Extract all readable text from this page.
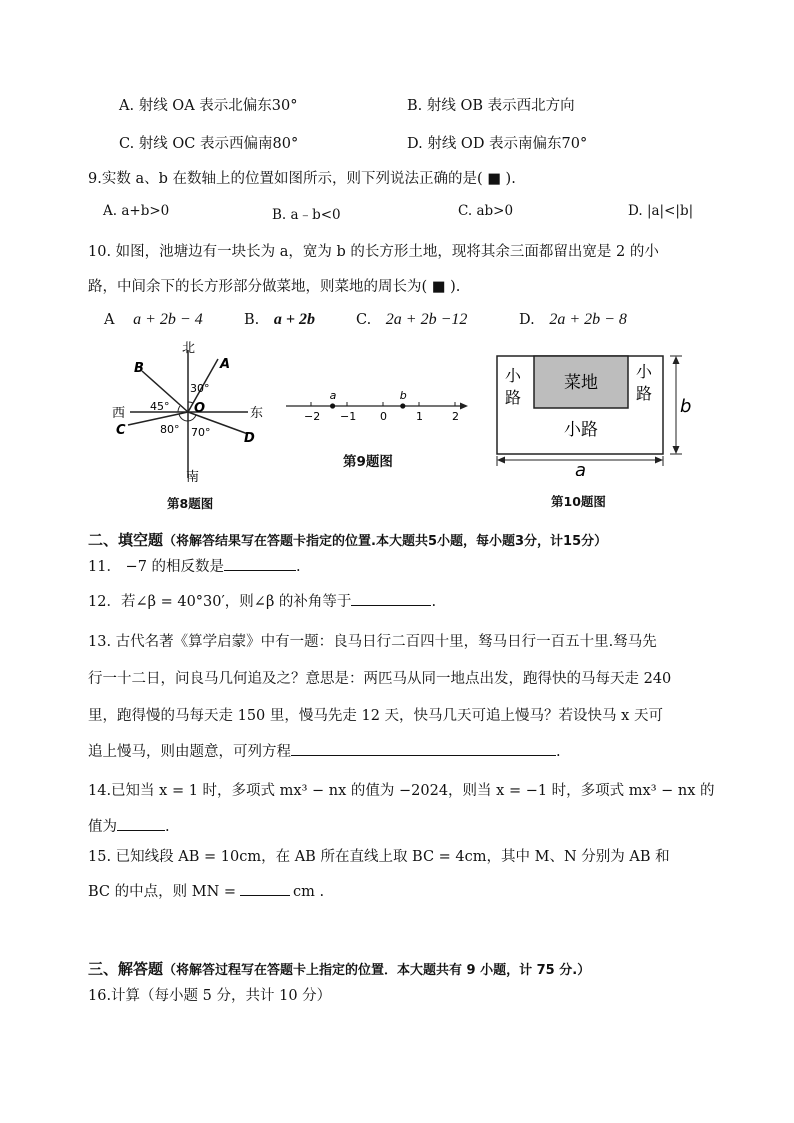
A. 射线 OA 表示北偏东30°	B. 射线 OB 表示西北方向
C. 射线 OC 表示西偏南80°	D. 射线 OD 表示南偏东70°
9.实数 a、b 在数轴上的位置如图所示，则下列说法正确的是( ■ ).
A. a+b>0	B. a﹣b<0	C. ab>0	D. |a|<|b|
10. 如图，池塘边有一块长为 a，宽为 b 的长方形土地，现将其余三面都留出宽是 2 的小
路，中间余下的长方形部分做菜地，则菜地的周长为( ■ ).
A a + 2b − 4	B. a + 2b	C. 2a + 2b −12	D. 2a + 2b − 8
北
南
西	东
A
B
C
D
O
30°
45°
80° 70°
第8题图
−2 −1 0	1	2
a	b
第9题图
菜地
小
路
小
路
小路
b
a
第10题图
二、填空题（将解答结果写在答题卡指定的位置.本大题共5小题，每小题3分，计15分）
11． −7 的相反数是	.
12．若∠β = 40°30′，则∠β 的补角等于	.
13. 古代名著《算学启蒙》中有一题：良马日行二百四十里，驽马日行一百五十里.驽马先
行一十二日，问良马几何追及之？意思是：两匹马从同一地点出发，跑得快的马每天走 240
里，跑得慢的马每天走 150 里，慢马先走 12 天，快马几天可追上慢马？若设快马 x 天可
追上慢马，则由题意，可列方程	.
14.已知当 x = 1 时，多项式 mx³ − nx 的值为 −2024，则当 x = −1 时，多项式 mx³ − nx 的
值为	.
15. 已知线段 AB = 10cm，在 AB 所在直线上取 BC = 4cm，其中 M、N 分别为 AB 和
BC 的中点，则 MN =	cm .
三、解答题（将解答过程写在答题卡上指定的位置．本大题共有 9 小题，计 75 分.）
16.计算（每小题 5 分，共计 10 分）
